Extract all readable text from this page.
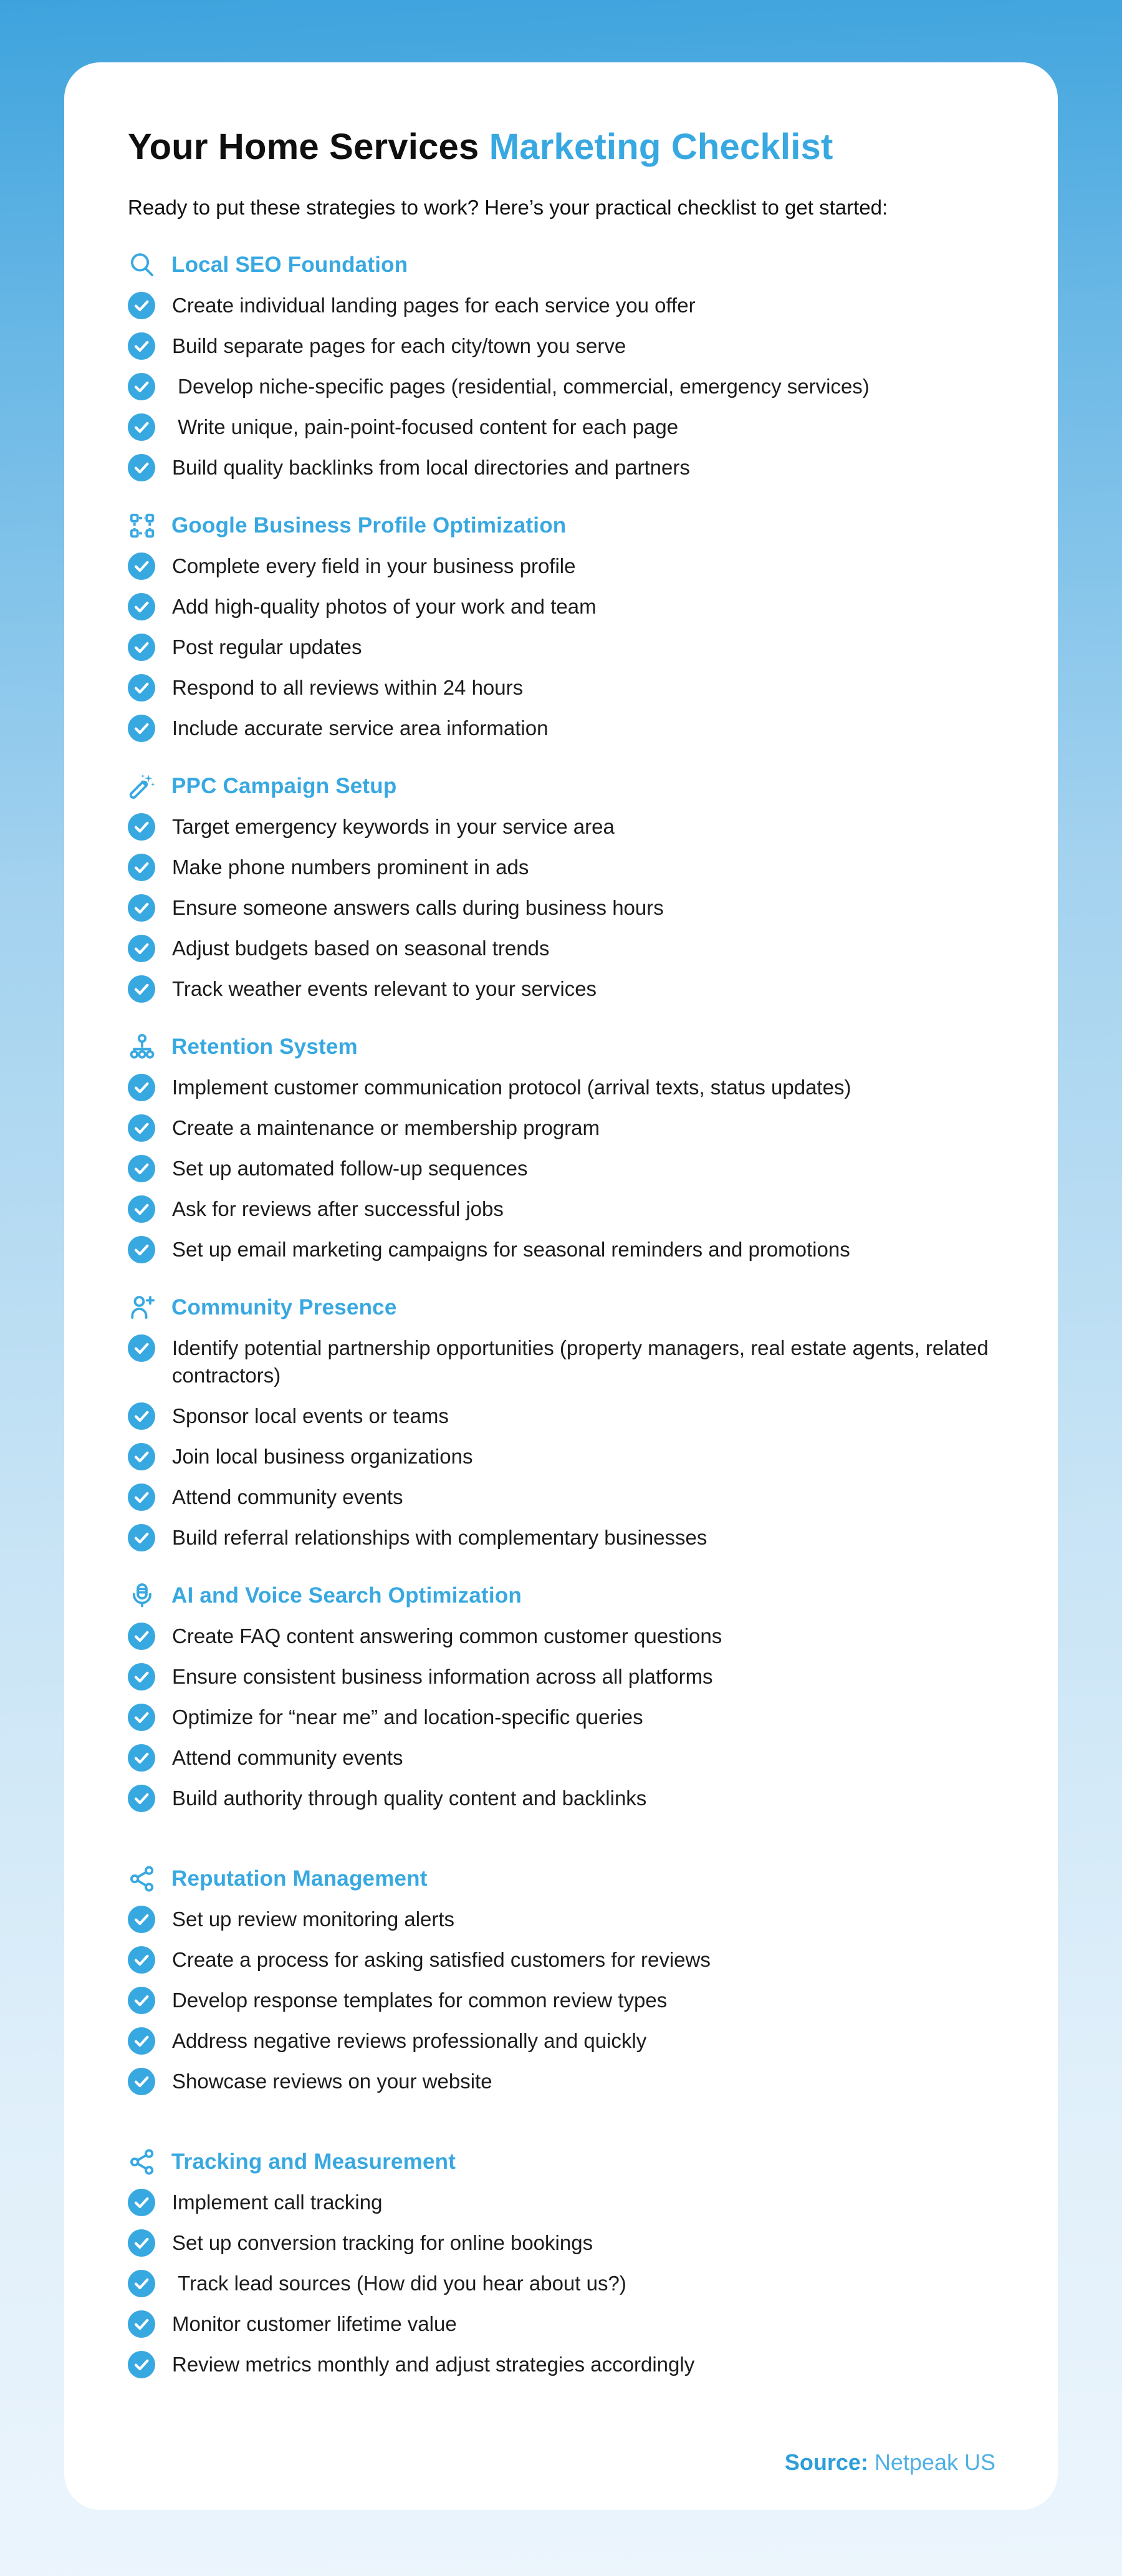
Your Home Services Marketing Checklist
Ready to put these strategies to work? Here’s your practical checklist to get started:
Local SEO Foundation
Create individual landing pages for each service you offer
Build separate pages for each city/town you serve
Develop niche-specific pages (residential, commercial, emergency services)
Write unique, pain-point-focused content for each page
Build quality backlinks from local directories and partners
Google Business Profile Optimization
Complete every field in your business profile
Add high-quality photos of your work and team
Post regular updates
Respond to all reviews within 24 hours
Include accurate service area information
PPC Campaign Setup
Target emergency keywords in your service area
Make phone numbers prominent in ads
Ensure someone answers calls during business hours
Adjust budgets based on seasonal trends
Track weather events relevant to your services
Retention System
Implement customer communication protocol (arrival texts, status updates)
Create a maintenance or membership program
Set up automated follow-up sequences
Ask for reviews after successful jobs
Set up email marketing campaigns for seasonal reminders and promotions
Community Presence
Identify potential partnership opportunities (property managers, real estate agents, related contractors)
Sponsor local events or teams
Join local business organizations
Attend community events
Build referral relationships with complementary businesses
AI and Voice Search Optimization
Create FAQ content answering common customer questions
Ensure consistent business information across all platforms
Optimize for “near me” and location-specific queries
Attend community events
Build authority through quality content and backlinks
Reputation Management
Set up review monitoring alerts
Create a process for asking satisfied customers for reviews
Develop response templates for common review types
Address negative reviews professionally and quickly
Showcase reviews on your website
Tracking and Measurement
Implement call tracking
Set up conversion tracking for online bookings
Track lead sources (How did you hear about us?)
Monitor customer lifetime value
Review metrics monthly and adjust strategies accordingly
Source: Netpeak US
